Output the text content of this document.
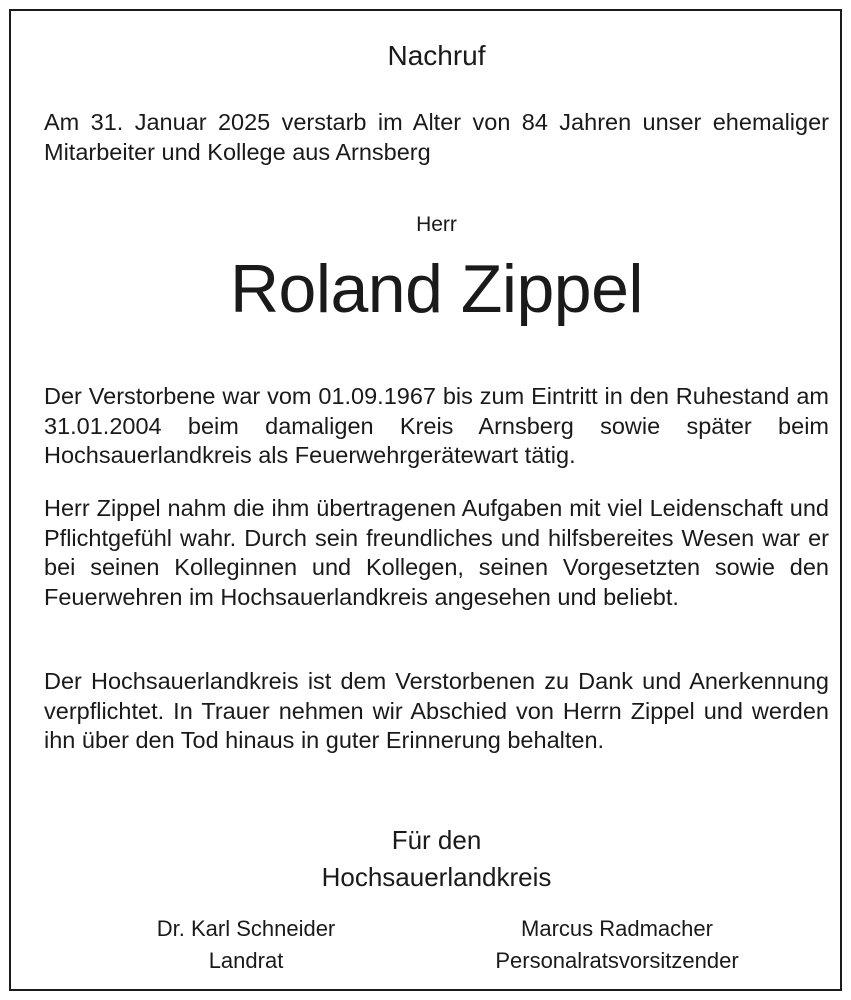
Nachruf

Am 31. Januar 2025 verstarb im Alter von 84 Jahren unser ehemaliger Mitarbeiter und Kollege aus Arnsberg

Herr
Roland Zippel

Der Verstorbene war vom 01.09.1967 bis zum Eintritt in den Ruhestand am 31.01.2004 beim damaligen Kreis Arnsberg sowie später beim Hochsauerlandkreis als Feuerwehrgerätewart tätig.

Herr Zippel nahm die ihm übertragenen Aufgaben mit viel Leidenschaft und Pflichtgefühl wahr. Durch sein freundliches und hilfsbereites Wesen war er bei seinen Kolleginnen und Kollegen, seinen Vorgesetzten sowie den Feuerwehren im Hochsauerlandkreis angesehen und beliebt.

Der Hochsauerlandkreis ist dem Verstorbenen zu Dank und Anerkennung verpflichtet. In Trauer nehmen wir Abschied von Herrn Zippel und werden ihn über den Tod hinaus in guter Erinnerung behalten.

Für den
Hochsauerlandkreis
Dr. Karl Schneider
Landrat
Marcus Radmacher
Personalratsvorsitzender
